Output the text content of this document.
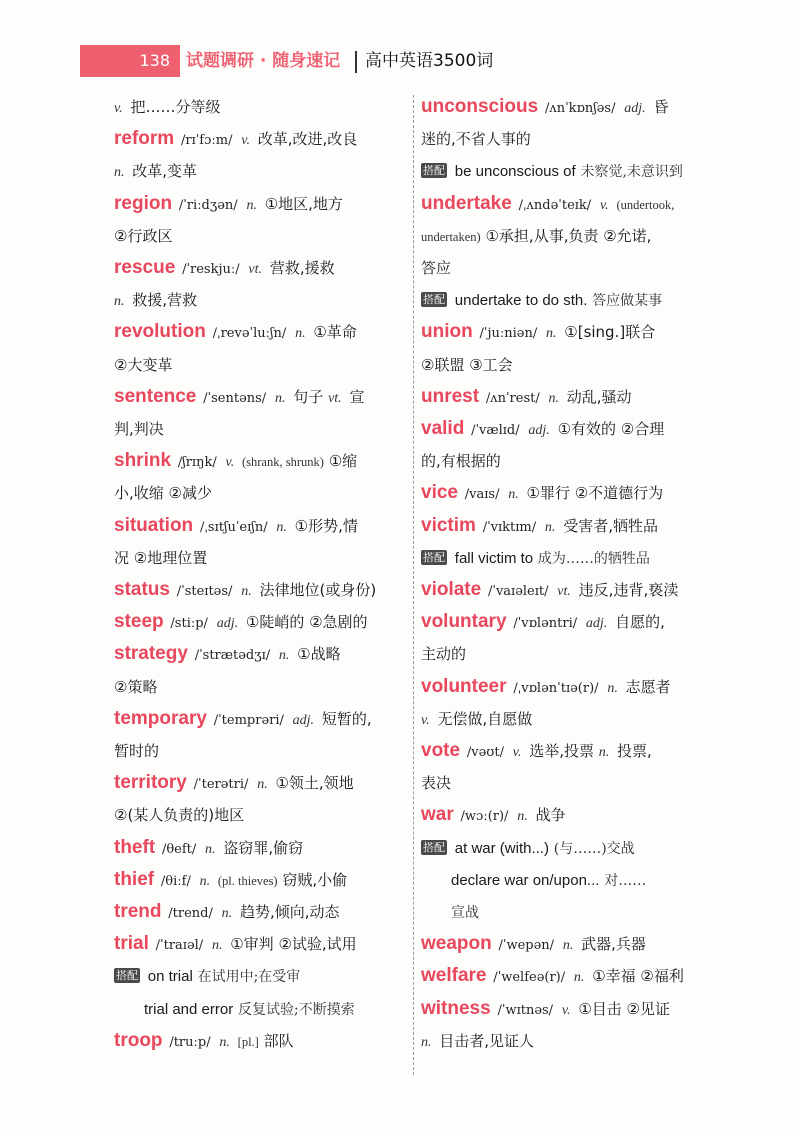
138 试题调研 · 随身速记 高中英语3500词
v. 把……分等级
reform /rɪˈfɔːm/ v. 改革,改进,改良
n. 改革,变革
region /ˈriːdʒən/ n. ①地区,地方
②行政区
rescue /ˈreskjuː/ vt. 营救,援救
n. 救援,营救
revolution /ˌrevəˈluːʃn/ n. ①革命
②大变革
sentence /ˈsentəns/ n. 句子 vt. 宣
判,判决
shrink /ʃrɪŋk/ v. (shrank, shrunk) ①缩
小,收缩 ②减少
situation /ˌsɪtʃuˈeɪʃn/ n. ①形势,情
况 ②地理位置
status /ˈsteɪtəs/ n. 法律地位(或身份)
steep /stiːp/ adj. ①陡峭的 ②急剧的
strategy /ˈstrætədʒɪ/ n. ①战略
②策略
temporary /ˈtemprəri/ adj. 短暂的,
暂时的
territory /ˈterətri/ n. ①领土,领地
②(某人负责的)地区
theft /θeft/ n. 盗窃罪,偷窃
thief /θiːf/ n. (pl. thieves) 窃贼,小偷
trend /trend/ n. 趋势,倾向,动态
trial /ˈtraɪəl/ n. ①审判 ②试验,试用
搭配 on trial 在试用中;在受审
trial and error 反复试验;不断摸索
troop /truːp/ n. [pl.] 部队
unconscious /ʌnˈkɒnʃəs/ adj. 昏
迷的,不省人事的
搭配 be unconscious of 未察觉,未意识到
undertake /ˌʌndəˈteɪk/ v. (undertook,
undertaken) ①承担,从事,负责 ②允诺,
答应
搭配 undertake to do sth. 答应做某事
union /ˈjuːniən/ n. ①[sing.]联合
②联盟 ③工会
unrest /ʌnˈrest/ n. 动乱,骚动
valid /ˈvælɪd/ adj. ①有效的 ②合理
的,有根据的
vice /vaɪs/ n. ①罪行 ②不道德行为
victim /ˈvɪktɪm/ n. 受害者,牺牲品
搭配 fall victim to 成为……的牺牲品
violate /ˈvaɪəleɪt/ vt. 违反,违背,亵渎
voluntary /ˈvɒləntri/ adj. 自愿的,
主动的
volunteer /ˌvɒlənˈtɪə(r)/ n. 志愿者
v. 无偿做,自愿做
vote /vəʊt/ v. 选举,投票 n. 投票,
表决
war /wɔː(r)/ n. 战争
搭配 at war (with...) (与……)交战
declare war on/upon... 对……
宣战
weapon /ˈwepən/ n. 武器,兵器
welfare /ˈwelfeə(r)/ n. ①幸福 ②福利
witness /ˈwɪtnəs/ v. ①目击 ②见证
n. 目击者,见证人
